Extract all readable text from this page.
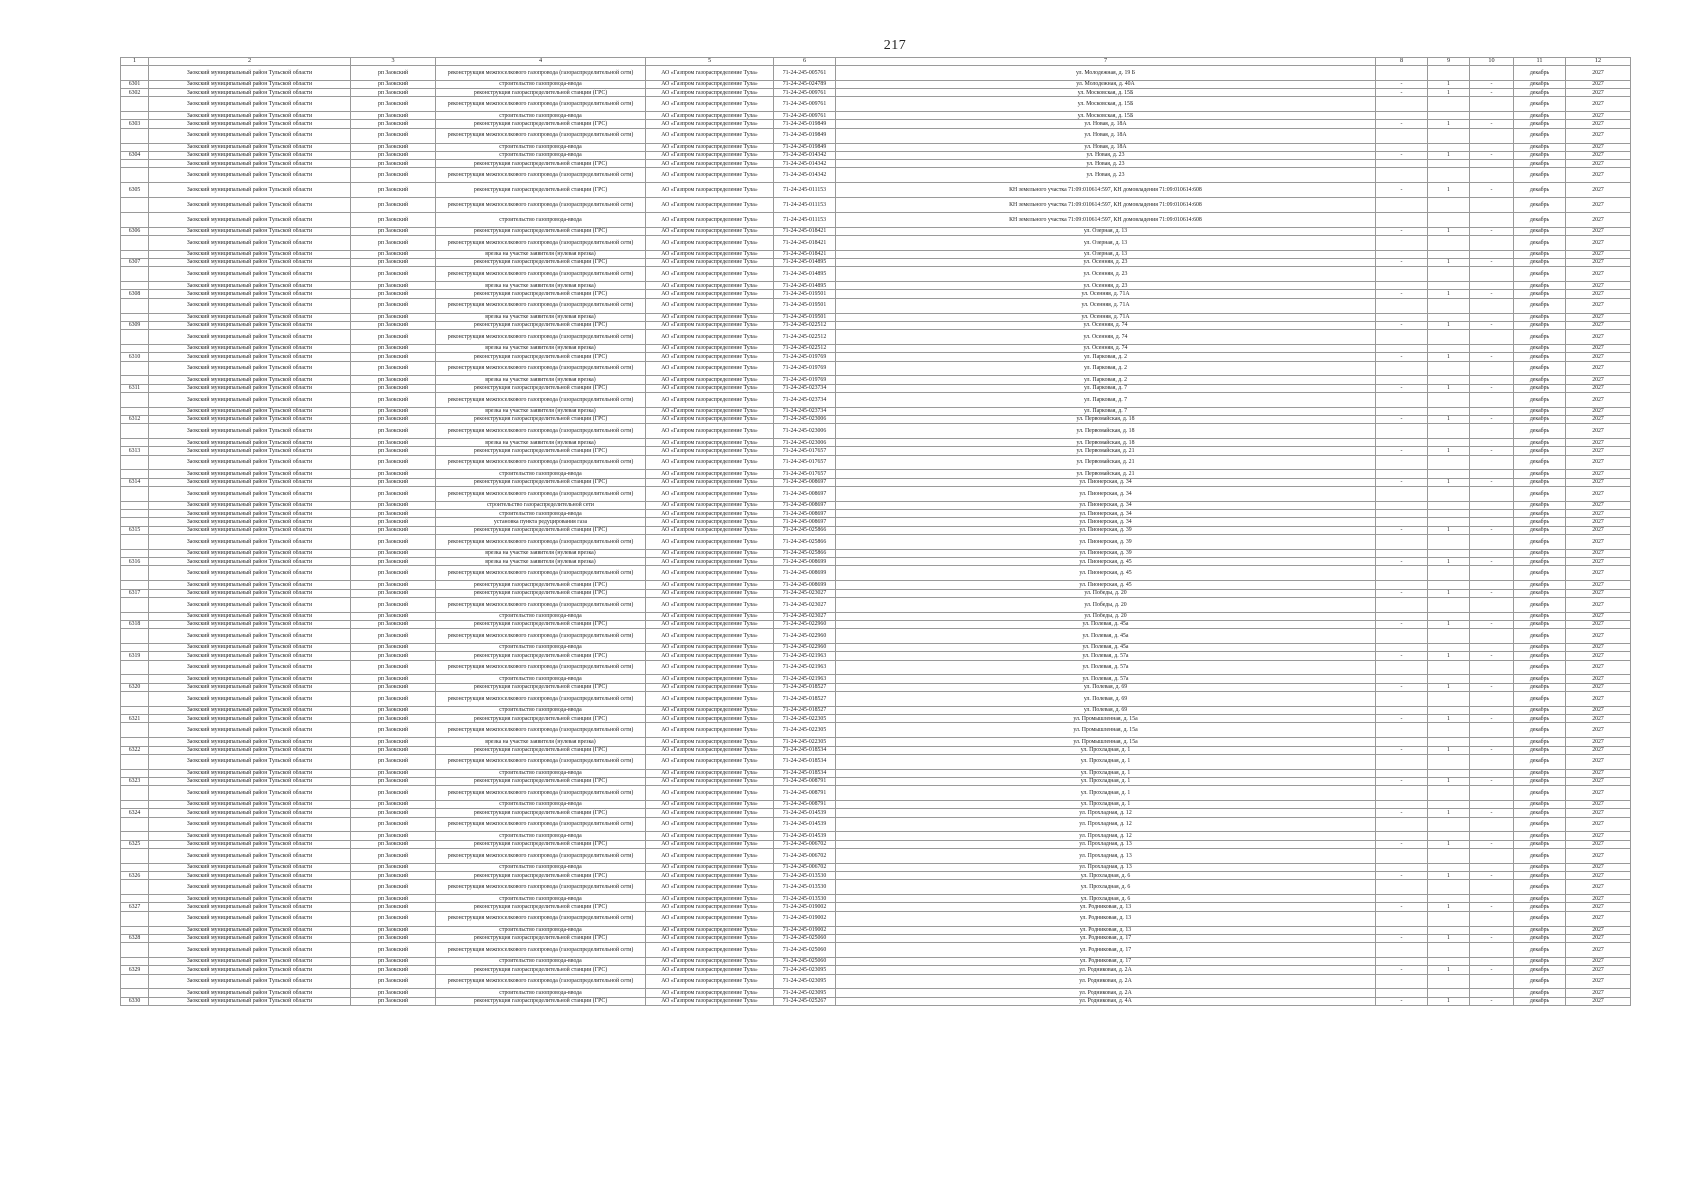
217
1	2	3	4	5	6	7	8	9	10	11	12
	Заокский муниципальный район Тульской области	рп Заокский	реконструкция межпоселкового газопровода (газораспределительной сети)	АО «Газпром газораспределение Тула»	71-24-245-005761	ул. Молодежная, д. 19 Б				декабрь	2027
6301	Заокский муниципальный район Тульской области	рп Заокский	строительство газопровода-ввода	АО «Газпром газораспределение Тула»	71-24-245-024789	ул. Молодежная, д. 40А	-	1	-	декабрь	2027
6302	Заокский муниципальный район Тульской области	рп Заокский	реконструкция газораспределительной станции (ГРС)	АО «Газпром газораспределение Тула»	71-24-245-009761	ул. Московская, д. 15Б	-	1	-	декабрь	2027
	Заокский муниципальный район Тульской области	рп Заокский	реконструкция межпоселкового газопровода (газораспределительной сети)	АО «Газпром газораспределение Тула»	71-24-245-009761	ул. Московская, д. 15Б				декабрь	2027
	Заокский муниципальный район Тульской области	рп Заокский	строительство газопровода-ввода	АО «Газпром газораспределение Тула»	71-24-245-009761	ул. Московская, д. 15Б				декабрь	2027
6303	Заокский муниципальный район Тульской области	рп Заокский	реконструкция газораспределительной станции (ГРС)	АО «Газпром газораспределение Тула»	71-24-245-019849	ул. Новая, д. 18А	-	1	-	декабрь	2027
	Заокский муниципальный район Тульской области	рп Заокский	реконструкция межпоселкового газопровода (газораспределительной сети)	АО «Газпром газораспределение Тула»	71-24-245-019849	ул. Новая, д. 18А				декабрь	2027
	Заокский муниципальный район Тульской области	рп Заокский	строительство газопровода-ввода	АО «Газпром газораспределение Тула»	71-24-245-019849	ул. Новая, д. 18А				декабрь	2027
6304	Заокский муниципальный район Тульской области	рп Заокский	строительство газопровода-ввода	АО «Газпром газораспределение Тула»	71-24-245-014342	ул. Новая, д. 23	-	1	-	декабрь	2027
	Заокский муниципальный район Тульской области	рп Заокский	реконструкция газораспределительной станции (ГРС)	АО «Газпром газораспределение Тула»	71-24-245-014342	ул. Новая, д. 23				декабрь	2027
	Заокский муниципальный район Тульской области	рп Заокский	реконструкция межпоселкового газопровода (газораспределительной сети)	АО «Газпром газораспределение Тула»	71-24-245-014342	ул. Новая, д. 23				декабрь	2027
6305	Заокский муниципальный район Тульской области	рп Заокский	реконструкция газораспределительной станции (ГРС)	АО «Газпром газораспределение Тула»	71-24-245-011153	КН земельного участка 71:09:010614:597, КН домовладения 71:09:010614:608	-	1	-	декабрь	2027
	Заокский муниципальный район Тульской области	рп Заокский	реконструкция межпоселкового газопровода (газораспределительной сети)	АО «Газпром газораспределение Тула»	71-24-245-011153	КН земельного участка 71:09:010614:597, КН домовладения 71:09:010614:608				декабрь	2027
	Заокский муниципальный район Тульской области	рп Заокский	строительство газопровода-ввода	АО «Газпром газораспределение Тула»	71-24-245-011153	КН земельного участка 71:09:010614:597, КН домовладения 71:09:010614:608				декабрь	2027
6306	Заокский муниципальный район Тульской области	рп Заокский	реконструкция газораспределительной станции (ГРС)	АО «Газпром газораспределение Тула»	71-24-245-018421	ул. Озерная, д. 13	-	1	-	декабрь	2027
	Заокский муниципальный район Тульской области	рп Заокский	реконструкция межпоселкового газопровода (газораспределительной сети)	АО «Газпром газораспределение Тула»	71-24-245-018421	ул. Озерная, д. 13				декабрь	2027
	Заокский муниципальный район Тульской области	рп Заокский	врезка на участке заявителя (нулевая врезка)	АО «Газпром газораспределение Тула»	71-24-245-018421	ул. Озерная, д. 13				декабрь	2027
6307	Заокский муниципальный район Тульской области	рп Заокский	реконструкция газораспределительной станции (ГРС)	АО «Газпром газораспределение Тула»	71-24-245-014895	ул. Осенняя, д. 23	-	1	-	декабрь	2027
	Заокский муниципальный район Тульской области	рп Заокский	реконструкция межпоселкового газопровода (газораспределительной сети)	АО «Газпром газораспределение Тула»	71-24-245-014895	ул. Осенняя, д. 23				декабрь	2027
	Заокский муниципальный район Тульской области	рп Заокский	врезка на участке заявителя (нулевая врезка)	АО «Газпром газораспределение Тула»	71-24-245-014895	ул. Осенняя, д. 23				декабрь	2027
6308	Заокский муниципальный район Тульской области	рп Заокский	реконструкция газораспределительной станции (ГРС)	АО «Газпром газораспределение Тула»	71-24-245-019501	ул. Осенняя, д. 71А	-	1	-	декабрь	2027
	Заокский муниципальный район Тульской области	рп Заокский	реконструкция межпоселкового газопровода (газораспределительной сети)	АО «Газпром газораспределение Тула»	71-24-245-019501	ул. Осенняя, д. 71А				декабрь	2027
	Заокский муниципальный район Тульской области	рп Заокский	врезка на участке заявителя (нулевая врезка)	АО «Газпром газораспределение Тула»	71-24-245-019501	ул. Осенняя, д. 71А				декабрь	2027
6309	Заокский муниципальный район Тульской области	рп Заокский	реконструкция газораспределительной станции (ГРС)	АО «Газпром газораспределение Тула»	71-24-245-022512	ул. Осенняя, д. 74	-	1	-	декабрь	2027
	Заокский муниципальный район Тульской области	рп Заокский	реконструкция межпоселкового газопровода (газораспределительной сети)	АО «Газпром газораспределение Тула»	71-24-245-022512	ул. Осенняя, д. 74				декабрь	2027
	Заокский муниципальный район Тульской области	рп Заокский	врезка на участке заявителя (нулевая врезка)	АО «Газпром газораспределение Тула»	71-24-245-022512	ул. Осенняя, д. 74				декабрь	2027
6310	Заокский муниципальный район Тульской области	рп Заокский	реконструкция газораспределительной станции (ГРС)	АО «Газпром газораспределение Тула»	71-24-245-019769	ул. Парковая, д. 2	-	1	-	декабрь	2027
	Заокский муниципальный район Тульской области	рп Заокский	реконструкция межпоселкового газопровода (газораспределительной сети)	АО «Газпром газораспределение Тула»	71-24-245-019769	ул. Парковая, д. 2				декабрь	2027
	Заокский муниципальный район Тульской области	рп Заокский	врезка на участке заявителя (нулевая врезка)	АО «Газпром газораспределение Тула»	71-24-245-019769	ул. Парковая, д. 2				декабрь	2027
6311	Заокский муниципальный район Тульской области	рп Заокский	реконструкция газораспределительной станции (ГРС)	АО «Газпром газораспределение Тула»	71-24-245-023734	ул. Парковая, д. 7	-	1	-	декабрь	2027
	Заокский муниципальный район Тульской области	рп Заокский	реконструкция межпоселкового газопровода (газораспределительной сети)	АО «Газпром газораспределение Тула»	71-24-245-023734	ул. Парковая, д. 7				декабрь	2027
	Заокский муниципальный район Тульской области	рп Заокский	врезка на участке заявителя (нулевая врезка)	АО «Газпром газораспределение Тула»	71-24-245-023734	ул. Парковая, д. 7				декабрь	2027
6312	Заокский муниципальный район Тульской области	рп Заокский	реконструкция газораспределительной станции (ГРС)	АО «Газпром газораспределение Тула»	71-24-245-023006	ул. Первомайская, д. 18	-	1	-	декабрь	2027
	Заокский муниципальный район Тульской области	рп Заокский	реконструкция межпоселкового газопровода (газораспределительной сети)	АО «Газпром газораспределение Тула»	71-24-245-023006	ул. Первомайская, д. 18				декабрь	2027
	Заокский муниципальный район Тульской области	рп Заокский	врезка на участке заявителя (нулевая врезка)	АО «Газпром газораспределение Тула»	71-24-245-023006	ул. Первомайская, д. 18				декабрь	2027
6313	Заокский муниципальный район Тульской области	рп Заокский	реконструкция газораспределительной станции (ГРС)	АО «Газпром газораспределение Тула»	71-24-245-017657	ул. Первомайская, д. 21	-	1	-	декабрь	2027
	Заокский муниципальный район Тульской области	рп Заокский	реконструкция межпоселкового газопровода (газораспределительной сети)	АО «Газпром газораспределение Тула»	71-24-245-017657	ул. Первомайская, д. 21				декабрь	2027
	Заокский муниципальный район Тульской области	рп Заокский	строительство газопровода-ввода	АО «Газпром газораспределение Тула»	71-24-245-017657	ул. Первомайская, д. 21				декабрь	2027
6314	Заокский муниципальный район Тульской области	рп Заокский	реконструкция газораспределительной станции (ГРС)	АО «Газпром газораспределение Тула»	71-24-245-008697	ул. Пионерская, д. 34	-	1	-	декабрь	2027
	Заокский муниципальный район Тульской области	рп Заокский	реконструкция межпоселкового газопровода (газораспределительной сети)	АО «Газпром газораспределение Тула»	71-24-245-008697	ул. Пионерская, д. 34				декабрь	2027
	Заокский муниципальный район Тульской области	рп Заокский	строительство газораспределительной сети	АО «Газпром газораспределение Тула»	71-24-245-008697	ул. Пионерская, д. 34				декабрь	2027
	Заокский муниципальный район Тульской области	рп Заокский	строительство газопровода-ввода	АО «Газпром газораспределение Тула»	71-24-245-008697	ул. Пионерская, д. 34				декабрь	2027
	Заокский муниципальный район Тульской области	рп Заокский	установка пункта редуцирования газа	АО «Газпром газораспределение Тула»	71-24-245-008697	ул. Пионерская, д. 34				декабрь	2027
6315	Заокский муниципальный район Тульской области	рп Заокский	реконструкция газораспределительной станции (ГРС)	АО «Газпром газораспределение Тула»	71-24-245-025866	ул. Пионерская, д. 39	-	1	-	декабрь	2027
	Заокский муниципальный район Тульской области	рп Заокский	реконструкция межпоселкового газопровода (газораспределительной сети)	АО «Газпром газораспределение Тула»	71-24-245-025866	ул. Пионерская, д. 39				декабрь	2027
	Заокский муниципальный район Тульской области	рп Заокский	врезка на участке заявителя (нулевая врезка)	АО «Газпром газораспределение Тула»	71-24-245-025866	ул. Пионерская, д. 39				декабрь	2027
6316	Заокский муниципальный район Тульской области	рп Заокский	врезка на участке заявителя (нулевая врезка)	АО «Газпром газораспределение Тула»	71-24-245-008699	ул. Пионерская, д. 45	-	1	-	декабрь	2027
	Заокский муниципальный район Тульской области	рп Заокский	реконструкция межпоселкового газопровода (газораспределительной сети)	АО «Газпром газораспределение Тула»	71-24-245-008699	ул. Пионерская, д. 45				декабрь	2027
	Заокский муниципальный район Тульской области	рп Заокский	реконструкция газораспределительной станции (ГРС)	АО «Газпром газораспределение Тула»	71-24-245-008699	ул. Пионерская, д. 45				декабрь	2027
6317	Заокский муниципальный район Тульской области	рп Заокский	реконструкция газораспределительной станции (ГРС)	АО «Газпром газораспределение Тула»	71-24-245-023027	ул. Победы, д. 20	-	1	-	декабрь	2027
	Заокский муниципальный район Тульской области	рп Заокский	реконструкция межпоселкового газопровода (газораспределительной сети)	АО «Газпром газораспределение Тула»	71-24-245-023027	ул. Победы, д. 20				декабрь	2027
	Заокский муниципальный район Тульской области	рп Заокский	строительство газопровода-ввода	АО «Газпром газораспределение Тула»	71-24-245-023027	ул. Победы, д. 20				декабрь	2027
6318	Заокский муниципальный район Тульской области	рп Заокский	реконструкция газораспределительной станции (ГРС)	АО «Газпром газораспределение Тула»	71-24-245-022960	ул. Полевая, д. 45а	-	1	-	декабрь	2027
	Заокский муниципальный район Тульской области	рп Заокский	реконструкция межпоселкового газопровода (газораспределительной сети)	АО «Газпром газораспределение Тула»	71-24-245-022960	ул. Полевая, д. 45а				декабрь	2027
	Заокский муниципальный район Тульской области	рп Заокский	строительство газопровода-ввода	АО «Газпром газораспределение Тула»	71-24-245-022960	ул. Полевая, д. 45а				декабрь	2027
6319	Заокский муниципальный район Тульской области	рп Заокский	реконструкция газораспределительной станции (ГРС)	АО «Газпром газораспределение Тула»	71-24-245-021963	ул. Полевая, д. 57а	-	1	-	декабрь	2027
	Заокский муниципальный район Тульской области	рп Заокский	реконструкция межпоселкового газопровода (газораспределительной сети)	АО «Газпром газораспределение Тула»	71-24-245-021963	ул. Полевая, д. 57а				декабрь	2027
	Заокский муниципальный район Тульской области	рп Заокский	строительство газопровода-ввода	АО «Газпром газораспределение Тула»	71-24-245-021963	ул. Полевая, д. 57а				декабрь	2027
6320	Заокский муниципальный район Тульской области	рп Заокский	реконструкция газораспределительной станции (ГРС)	АО «Газпром газораспределение Тула»	71-24-245-018527	ул. Полевая, д. 69	-	1	-	декабрь	2027
	Заокский муниципальный район Тульской области	рп Заокский	реконструкция межпоселкового газопровода (газораспределительной сети)	АО «Газпром газораспределение Тула»	71-24-245-018527	ул. Полевая, д. 69				декабрь	2027
	Заокский муниципальный район Тульской области	рп Заокский	строительство газопровода-ввода	АО «Газпром газораспределение Тула»	71-24-245-018527	ул. Полевая, д. 69				декабрь	2027
6321	Заокский муниципальный район Тульской области	рп Заокский	реконструкция газораспределительной станции (ГРС)	АО «Газпром газораспределение Тула»	71-24-245-022305	ул. Промышленная, д. 15а	-	1	-	декабрь	2027
	Заокский муниципальный район Тульской области	рп Заокский	реконструкция межпоселкового газопровода (газораспределительной сети)	АО «Газпром газораспределение Тула»	71-24-245-022305	ул. Промышленная, д. 15а				декабрь	2027
	Заокский муниципальный район Тульской области	рп Заокский	врезка на участке заявителя (нулевая врезка)	АО «Газпром газораспределение Тула»	71-24-245-022305	ул. Промышленная, д. 15а				декабрь	2027
6322	Заокский муниципальный район Тульской области	рп Заокский	реконструкция газораспределительной станции (ГРС)	АО «Газпром газораспределение Тула»	71-24-245-018534	ул. Прохладная, д. 1	-	1	-	декабрь	2027
	Заокский муниципальный район Тульской области	рп Заокский	реконструкция межпоселкового газопровода (газораспределительной сети)	АО «Газпром газораспределение Тула»	71-24-245-018534	ул. Прохладная, д. 1				декабрь	2027
	Заокский муниципальный район Тульской области	рп Заокский	строительство газопровода-ввода	АО «Газпром газораспределение Тула»	71-24-245-018534	ул. Прохладная, д. 1				декабрь	2027
6323	Заокский муниципальный район Тульской области	рп Заокский	реконструкция газораспределительной станции (ГРС)	АО «Газпром газораспределение Тула»	71-24-245-008791	ул. Прохладная, д. 1	-	1	-	декабрь	2027
	Заокский муниципальный район Тульской области	рп Заокский	реконструкция межпоселкового газопровода (газораспределительной сети)	АО «Газпром газораспределение Тула»	71-24-245-008791	ул. Прохладная, д. 1				декабрь	2027
	Заокский муниципальный район Тульской области	рп Заокский	строительство газопровода-ввода	АО «Газпром газораспределение Тула»	71-24-245-008791	ул. Прохладная, д. 1				декабрь	2027
6324	Заокский муниципальный район Тульской области	рп Заокский	реконструкция газораспределительной станции (ГРС)	АО «Газпром газораспределение Тула»	71-24-245-014539	ул. Прохладная, д. 12	-	1	-	декабрь	2027
	Заокский муниципальный район Тульской области	рп Заокский	реконструкция межпоселкового газопровода (газораспределительной сети)	АО «Газпром газораспределение Тула»	71-24-245-014539	ул. Прохладная, д. 12				декабрь	2027
	Заокский муниципальный район Тульской области	рп Заокский	строительство газопровода-ввода	АО «Газпром газораспределение Тула»	71-24-245-014539	ул. Прохладная, д. 12				декабрь	2027
6325	Заокский муниципальный район Тульской области	рп Заокский	реконструкция газораспределительной станции (ГРС)	АО «Газпром газораспределение Тула»	71-24-245-006702	ул. Прохладная, д. 13	-	1	-	декабрь	2027
	Заокский муниципальный район Тульской области	рп Заокский	реконструкция межпоселкового газопровода (газораспределительной сети)	АО «Газпром газораспределение Тула»	71-24-245-006702	ул. Прохладная, д. 13				декабрь	2027
	Заокский муниципальный район Тульской области	рп Заокский	строительство газопровода-ввода	АО «Газпром газораспределение Тула»	71-24-245-006702	ул. Прохладная, д. 13				декабрь	2027
6326	Заокский муниципальный район Тульской области	рп Заокский	реконструкция газораспределительной станции (ГРС)	АО «Газпром газораспределение Тула»	71-24-245-013530	ул. Прохладная, д. 6	-	1	-	декабрь	2027
	Заокский муниципальный район Тульской области	рп Заокский	реконструкция межпоселкового газопровода (газораспределительной сети)	АО «Газпром газораспределение Тула»	71-24-245-013530	ул. Прохладная, д. 6				декабрь	2027
	Заокский муниципальный район Тульской области	рп Заокский	строительство газопровода-ввода	АО «Газпром газораспределение Тула»	71-24-245-013530	ул. Прохладная, д. 6				декабрь	2027
6327	Заокский муниципальный район Тульской области	рп Заокский	реконструкция газораспределительной станции (ГРС)	АО «Газпром газораспределение Тула»	71-24-245-019002	ул. Родниковая, д. 13	-	1	-	декабрь	2027
	Заокский муниципальный район Тульской области	рп Заокский	реконструкция межпоселкового газопровода (газораспределительной сети)	АО «Газпром газораспределение Тула»	71-24-245-019002	ул. Родниковая, д. 13				декабрь	2027
	Заокский муниципальный район Тульской области	рп Заокский	строительство газопровода-ввода	АО «Газпром газораспределение Тула»	71-24-245-019002	ул. Родниковая, д. 13				декабрь	2027
6328	Заокский муниципальный район Тульской области	рп Заокский	реконструкция газораспределительной станции (ГРС)	АО «Газпром газораспределение Тула»	71-24-245-025060	ул. Родниковая, д. 17	-	1	-	декабрь	2027
	Заокский муниципальный район Тульской области	рп Заокский	реконструкция межпоселкового газопровода (газораспределительной сети)	АО «Газпром газораспределение Тула»	71-24-245-025060	ул. Родниковая, д. 17				декабрь	2027
	Заокский муниципальный район Тульской области	рп Заокский	строительство газопровода-ввода	АО «Газпром газораспределение Тула»	71-24-245-025060	ул. Родниковая, д. 17				декабрь	2027
6329	Заокский муниципальный район Тульской области	рп Заокский	реконструкция газораспределительной станции (ГРС)	АО «Газпром газораспределение Тула»	71-24-245-023095	ул. Родниковая, д. 2А	-	1	-	декабрь	2027
	Заокский муниципальный район Тульской области	рп Заокский	реконструкция межпоселкового газопровода (газораспределительной сети)	АО «Газпром газораспределение Тула»	71-24-245-023095	ул. Родниковая, д. 2А				декабрь	2027
	Заокский муниципальный район Тульской области	рп Заокский	строительство газопровода-ввода	АО «Газпром газораспределение Тула»	71-24-245-023095	ул. Родниковая, д. 2А				декабрь	2027
6330	Заокский муниципальный район Тульской области	рп Заокский	реконструкция газораспределительной станции (ГРС)	АО «Газпром газораспределение Тула»	71-24-245-025267	ул. Родниковая, д. 4А	-	1	-	декабрь	2027
